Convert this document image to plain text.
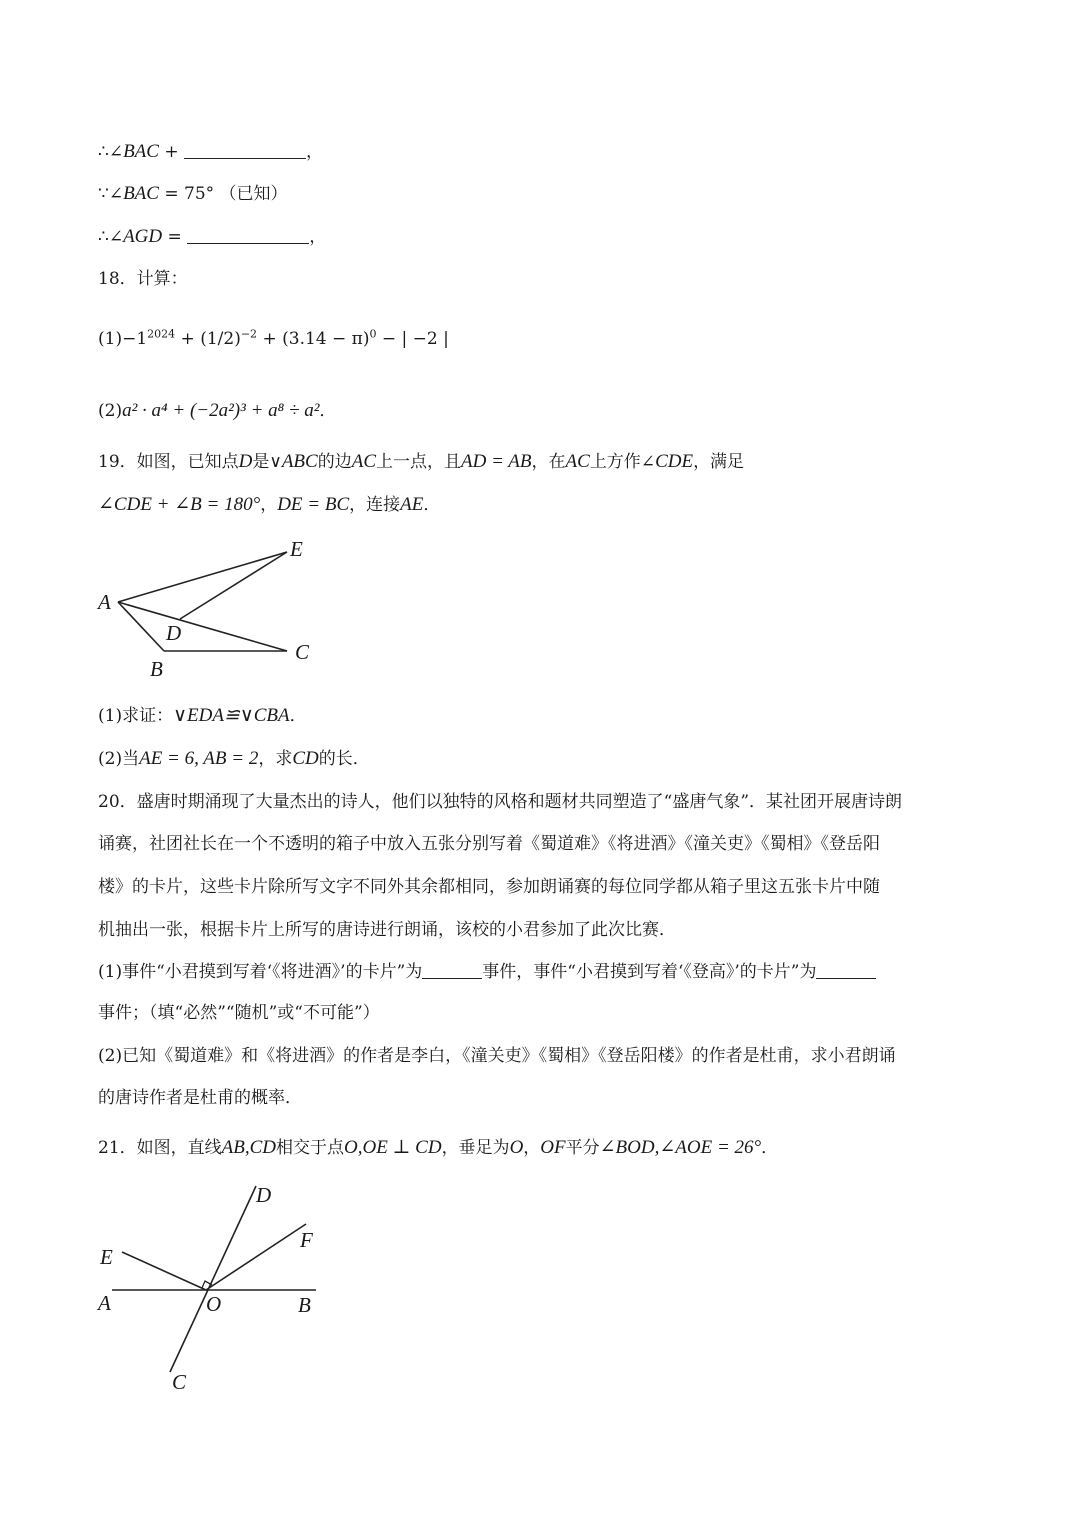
∴∠BAC +	，
∵∠BAC = 75° （已知）
∴∠AGD =	，
18．计算：
$(1)-1^{2024} + (1/2)^{-2} + (3.14 - \pi)^0$ − | −2 |
(2)a² · a⁴ + (−2a²)³ + a⁸ ÷ a²．
19．如图，已知点D是∨ABC的边AC上一点，且AD = AB，在AC上方作∠CDE，满足
∠CDE + ∠B = 180°，DE = BC，连接AE．
A
B
C
D
E
(1)求证：∨EDA≌∨CBA．
(2)当AE = 6, AB = 2，求CD的长．
20．盛唐时期涌现了大量杰出的诗人，他们以独特的风格和题材共同塑造了“盛唐气象”．某社团开展唐诗朗
诵赛，社团社长在一个不透明的箱子中放入五张分别写着《蜀道难》《将进酒》《潼关吏》《蜀相》《登岳阳
楼》的卡片，这些卡片除所写文字不同外其余都相同，参加朗诵赛的每位同学都从箱子里这五张卡片中随
机抽出一张，根据卡片上所写的唐诗进行朗诵，该校的小君参加了此次比赛．
(1)事件“小君摸到写着‘《将进酒》’的卡片”为	事件，事件“小君摸到写着‘《登高》’的卡片”为
事件；（填“必然”“随机”或“不可能”）
(2)已知《蜀道难》和《将进酒》的作者是李白，《潼关吏》《蜀相》《登岳阳楼》的作者是杜甫，求小君朗诵
的唐诗作者是杜甫的概率．
21．如图，直线AB,CD相交于点O,OE ⊥ CD，垂足为O，OF平分∠BOD,∠AOE = 26°．
E
A	O	B
D
F
C
